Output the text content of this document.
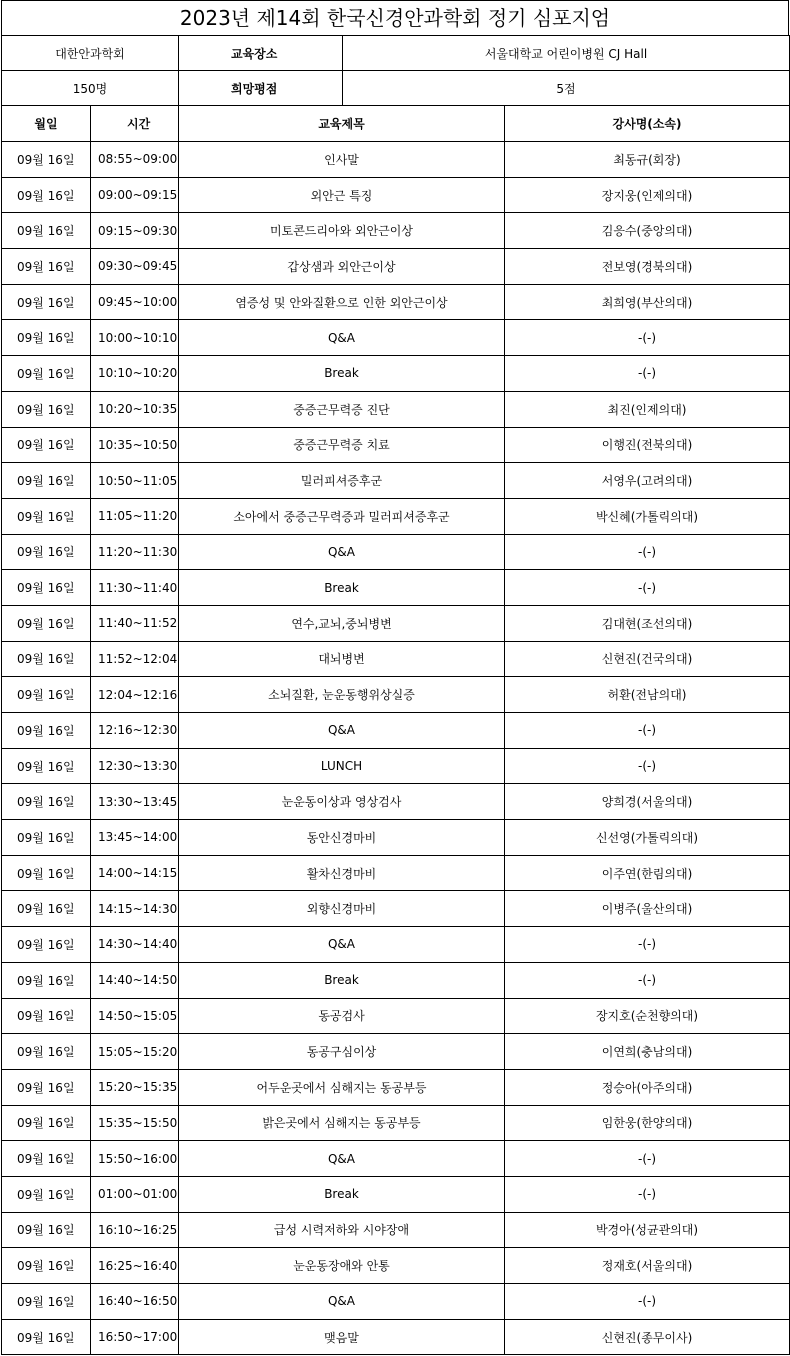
2023년 제14회 한국신경안과학회 정기 심포지엄
대한안과학회		교육장소	서울대학교 어린이병원 CJ Hall	
150명		희망평점	5점	
월일	시간	교육제목		강사명(소속)
09월 16일	08:55~09:00	인사말		최동규(회장)
09월 16일	09:00~09:15	외안근 특징		장지웅(인제의대)
09월 16일	09:15~09:30	미토콘드리아와 외안근이상		김응수(중앙의대)
09월 16일	09:30~09:45	갑상샘과 외안근이상		전보영(경북의대)
09월 16일	09:45~10:00	염증성 및 안와질환으로 인한 외안근이상		최희영(부산의대)
09월 16일	10:00~10:10	Q&A		-(-)
09월 16일	10:10~10:20	Break		-(-)
09월 16일	10:20~10:35	중증근무력증 진단		최진(인제의대)
09월 16일	10:35~10:50	중증근무력증 치료		이행진(전북의대)
09월 16일	10:50~11:05	밀러피셔증후군		서영우(고려의대)
09월 16일	11:05~11:20	소아에서 중증근무력증과 밀러피셔증후군		박신혜(가톨릭의대)
09월 16일	11:20~11:30	Q&A		-(-)
09월 16일	11:30~11:40	Break		-(-)
09월 16일	11:40~11:52	연수,교뇌,중뇌병변		김대현(조선의대)
09월 16일	11:52~12:04	대뇌병변		신현진(건국의대)
09월 16일	12:04~12:16	소뇌질환, 눈운동행위상실증		허환(전남의대)
09월 16일	12:16~12:30	Q&A		-(-)
09월 16일	12:30~13:30	LUNCH		-(-)
09월 16일	13:30~13:45	눈운동이상과 영상검사		양희경(서울의대)
09월 16일	13:45~14:00	동안신경마비		신선영(가톨릭의대)
09월 16일	14:00~14:15	활차신경마비		이주연(한림의대)
09월 16일	14:15~14:30	외향신경마비		이병주(울산의대)
09월 16일	14:30~14:40	Q&A		-(-)
09월 16일	14:40~14:50	Break		-(-)
09월 16일	14:50~15:05	동공검사		장지호(순천향의대)
09월 16일	15:05~15:20	동공구심이상		이연희(충남의대)
09월 16일	15:20~15:35	어두운곳에서 심해지는 동공부등		정승아(아주의대)
09월 16일	15:35~15:50	밝은곳에서 심해지는 동공부등		임한웅(한양의대)
09월 16일	15:50~16:00	Q&A		-(-)
09월 16일	01:00~01:00	Break		-(-)
09월 16일	16:10~16:25	급성 시력저하와 시야장애		박경아(성균관의대)
09월 16일	16:25~16:40	눈운동장애와 안통		정재호(서울의대)
09월 16일	16:40~16:50	Q&A		-(-)
09월 16일	16:50~17:00	맺음말		신현진(종무이사)
